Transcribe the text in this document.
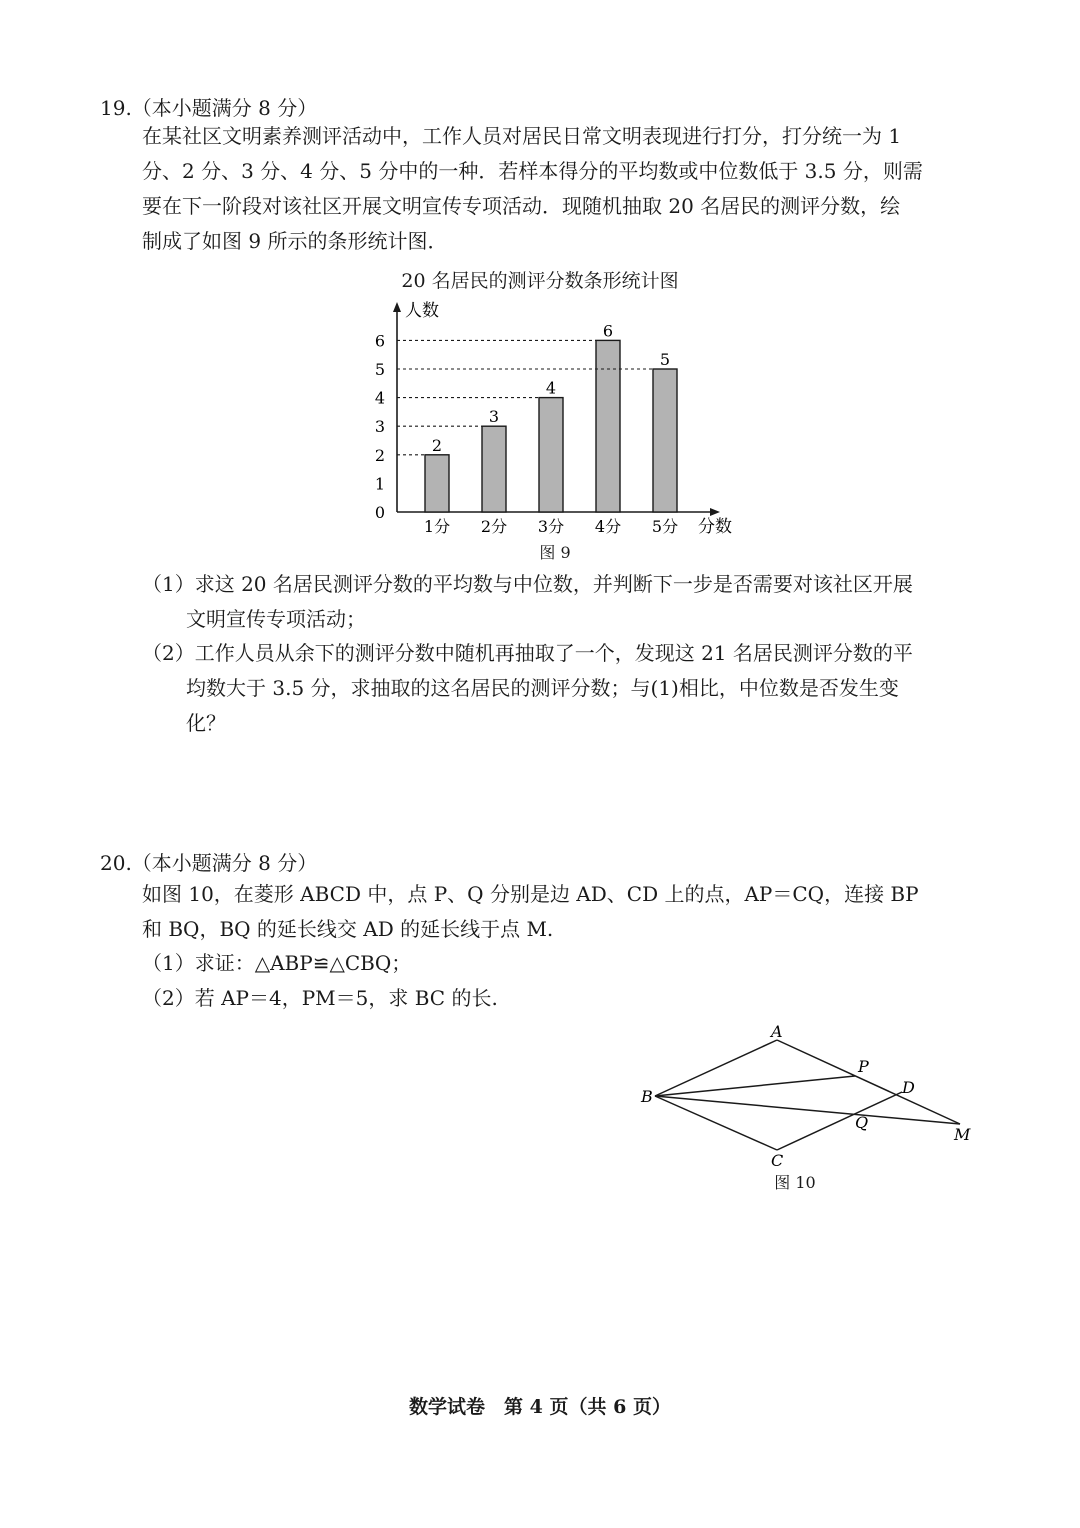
19.（本小题满分 8 分）
在某社区文明素养测评活动中，工作人员对居民日常文明表现进行打分，打分统一为 1
分、2 分、3 分、4 分、5 分中的一种．若样本得分的平均数或中位数低于 3.5 分，则需
要在下一阶段对该社区开展文明宣传专项活动．现随机抽取 20 名居民的测评分数，绘
制成了如图 9 所示的条形统计图．
20 名居民的测评分数条形统计图
人数
分数
0
1
2
3
4
5
6
2
1分
3
2分
4
3分
6
4分
5
5分
图 9
（1）求这 20 名居民测评分数的平均数与中位数，并判断下一步是否需要对该社区开展
文明宣传专项活动；
（2）工作人员从余下的测评分数中随机再抽取了一个，发现这 21 名居民测评分数的平
均数大于 3.5 分，求抽取的这名居民的测评分数；与(1)相比，中位数是否发生变
化？
20.（本小题满分 8 分）
如图 10，在菱形 ABCD 中，点 P、Q 分别是边 AD、CD 上的点，AP＝CQ，连接 BP
和 BQ，BQ 的延长线交 AD 的延长线于点 M.
（1）求证：△ABP≌△CBQ；
（2）若 AP＝4，PM＝5，求 BC 的长.
A
P
D
B
Q
M
C
图 10
数学试卷　第 4 页（共 6 页）
